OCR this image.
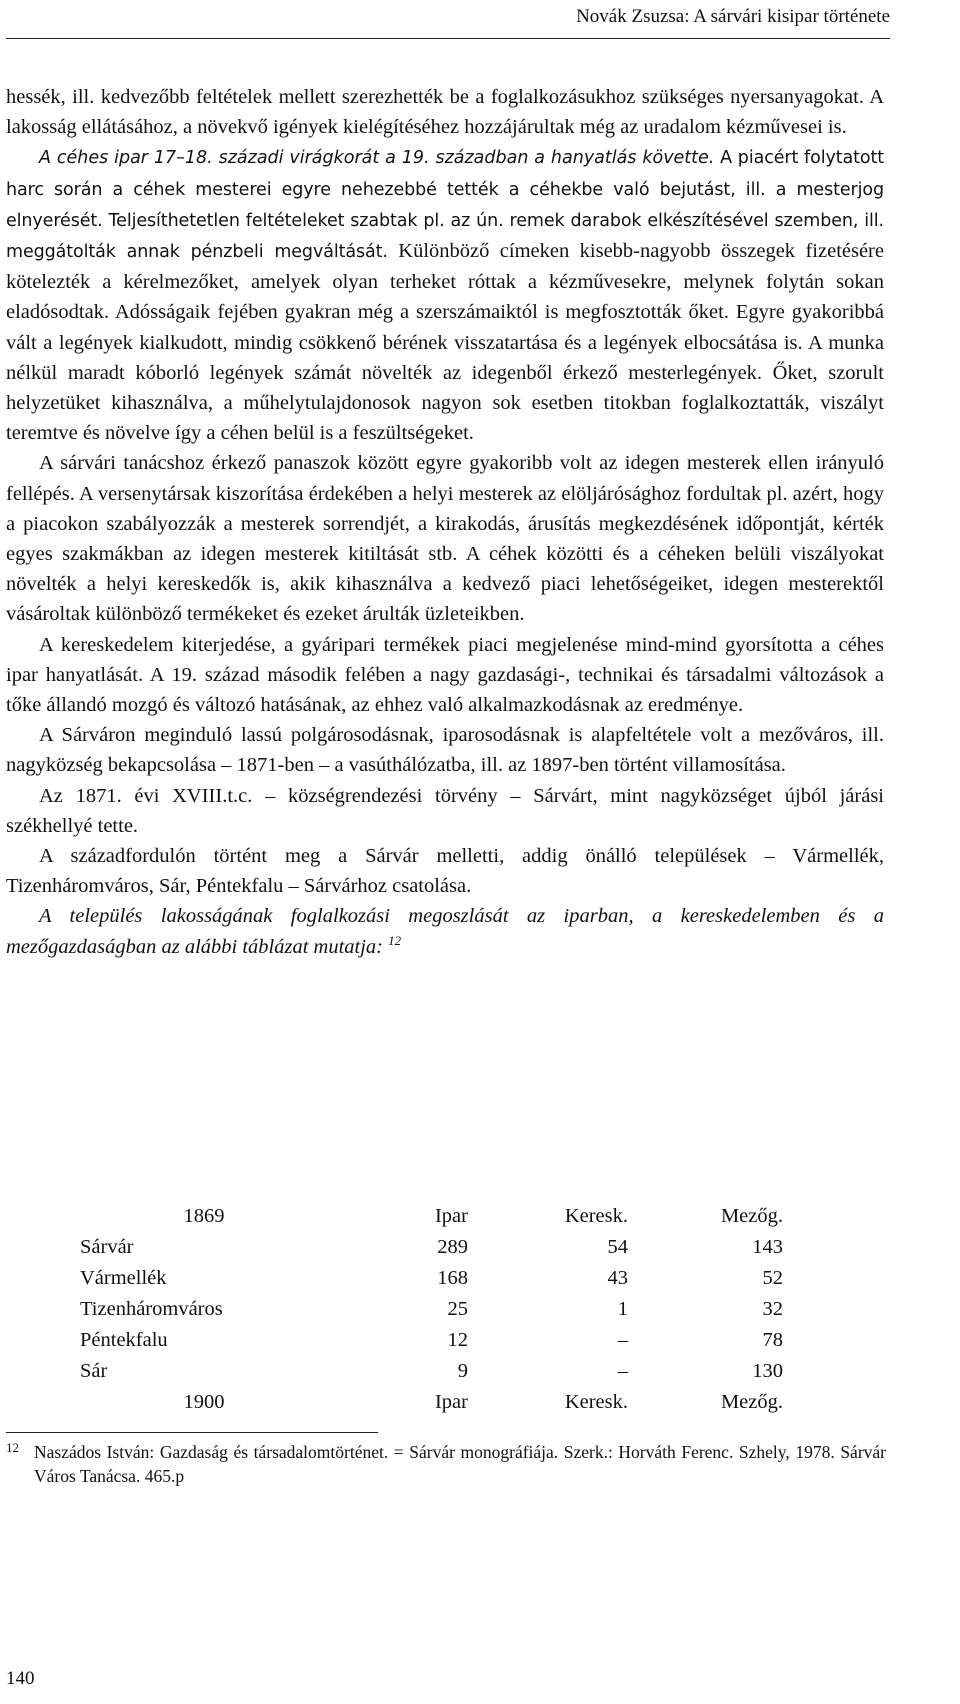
Novák Zsuzsa: A sárvári kisipar története

hessék, ill. kedvezőbb feltételek mellett szerezhették be a foglalkozásukhoz szükséges nyersanyagokat. A lakosság ellátásához, a növekvő igények kielégítéséhez hozzájárultak még az uradalom kézművesei is.

A céhes ipar 17–18. századi virágkorát a 19. században a hanyatlás követte. A piacért folytatott harc során a céhek mesterei egyre nehezebbé tették a céhekbe való bejutást, ill. a mesterjog elnyerését. Teljesíthetetlen feltételeket szabtak pl. az ún. remek darabok elkészítésével szemben, ill. meggátolták annak pénzbeli megváltását. Különböző címeken kisebb-nagyobb összegek fizetésére kötelezték a kérelmezőket, amelyek olyan terheket róttak a kézművesekre, melynek folytán sokan eladósodtak. Adósságaik fejében gyakran még a szerszámaiktól is megfosztották őket. Egyre gyakoribbá vált a legények kialkudott, mindig csökkenő bérének visszatartása és a legények elbocsátása is. A munka nélkül maradt kóborló legények számát növelték az idegenből érkező mesterlegények. Őket, szorult helyzetüket kihasználva, a műhelytulajdonosok nagyon sok esetben titokban foglalkoztatták, viszályt teremtve és növelve így a céhen belül is a feszültségeket.

A sárvári tanácshoz érkező panaszok között egyre gyakoribb volt az idegen mesterek ellen irányuló fellépés. A versenytársak kiszorítása érdekében a helyi mesterek az elöljárósághoz fordultak pl. azért, hogy a piacokon szabályozzák a mesterek sorrendjét, a kirakodás, árusítás megkezdésének időpontját, kérték egyes szakmákban az idegen mesterek kitiltását stb. A céhek közötti és a céheken belüli viszályokat növelték a helyi kereskedők is, akik kihasználva a kedvező piaci lehetőségeiket, idegen mesterektől vásároltak különböző termékeket és ezeket árulták üzleteikben.

A kereskedelem kiterjedése, a gyáripari termékek piaci megjelenése mind-mind gyorsította a céhes ipar hanyatlását. A 19. század második felében a nagy gazdasági-, technikai és társadalmi változások a tőke állandó mozgó és változó hatásának, az ehhez való alkalmazkodásnak az eredménye.

A Sárváron meginduló lassú polgárosodásnak, iparosodásnak is alapfeltétele volt a mezőváros, ill. nagyközség bekapcsolása – 1871-ben – a vasúthálózatba, ill. az 1897-ben történt villamosítása.

Az 1871. évi XVIII.t.c. – községrendezési törvény – Sárvárt, mint nagyközséget újból járási székhellyé tette.

A századfordulón történt meg a Sárvár melletti, addig önálló települések – Vármellék, Tizenháromváros, Sár, Péntekfalu – Sárvárhoz csatolása.

A település lakosságának foglalkozási megoszlását az iparban, a kereskedelemben és a mezőgazdaságban az alábbi táblázat mutatja: $^{12}$

1869	Ipar	Keresk.	Mezőg.
Sárvár	289	54	143
Vármellék	168	43	52
Tizenháromváros	25	1	32
Péntekfalu	12	–	78
Sár	9	–	130
1900	Ipar	Keresk.	Mezőg.
12 Naszádos István: Gazdaság és társadalomtörténet. = Sárvár monográfiája. Szerk.: Horváth Ferenc. Szhely, 1978. Sárvár Város Tanácsa. 465.p
140
